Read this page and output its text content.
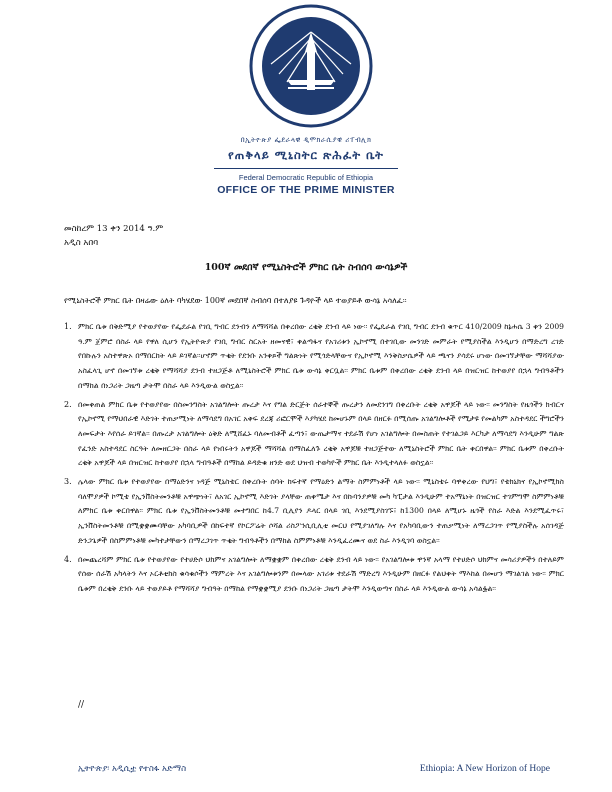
በኢትዮጵያ ፌደራላዊ ዲሞክራሲያዊ ሪፐብሊክ
የጠቅላይ ሚኒስትር ጽሕፈት ቤት
Federal Democratic Republic of Ethiopia
OFFICE OF THE PRIME MINISTER
መስከረም 13 ቀን 2014 ዓ.ም
አዲስ አበባ
100ኛ መደበኛ የሚኒስትሮች ምክር ቤት ስብሰባ ውሳኔዎች
የሚኒስትሮች ምክር ቤት በዛሬው ዕለት ባካሄደው 100ኛ መደበኛ ስብሰባ በተለያዩ ጉዳዮች ላይ ተወያይቶ ውሳኔ አሳለፈ፡፡
1. ምክር ቤቱ በቅድሚያ የተወያየው የፌደራል የገቢ ግብር ደንብን ለማሻሻል በቀረበው ረቂቅ ደንብ ላይ ነው፡፡ የፌዴራል የገቢ ግብር ደንብ ቁጥር 410/2009 ከኔሐሴ 3 ቀን 2009 ዓ.ም ጀምሮ በስራ ላይ የዋለ ሲሆን የኢትዮጵያ የገቢ ግብር ስርአት ዘመናዊ፣ ቀልጣፋና የአገሪቱን ኢኮኖሚ በተገቢው መንገድ መምራት የሚያስችል እንዲሆን በማድረግ ረገድ የበኩሉን አስተዋጽኦ በማበርከት ላይ ይገኛል፡፡ሆኖም ጥቂት የደንቡ አንቀጾች ግልጽነት የሚጎድላቸውና የኢኮኖሚ እንቅስቃሴዎች ላይ ጫናን ያሳደሩ ሆነው በመገኘታቸው ማሻሻያው አስፈላጊ ሆኖ በመገኘቱ ረቂቅ የማሻሻያ ደንብ ተዘጋጅቶ ለሚኒስትሮች ምክር ቤቱ ውሳኔ ቀርቧል፡፡ ምክር ቤቱም በቀረበው ረቂቅ ደንብ ላይ በዝርዝር ከተወያየ በኋላ ግብዓቶችን በማከል በነጋሪት ጋዜጣ ታትሞ በስራ ላይ እንዲውል ወስኗል፡፡
2. በመቀጠል ምክር ቤቱ የተወያየው በስመንግስት አገልግሎት ጡረታ እና የግል ድርጅት ሰራተኞች ጡረታን ለመደንገግ በቀረቡት ረቂቅ አዋጆች ላይ ነው፡፡ መንግስት የዜጎችን ክብርና የኢኮኖሚ የማህበራዊ እድገት ተጠቃሚነት ለማሳደግ በአገር አቀፍ ደረጃ ሪፎርሞች እያካሄደ ከመሆኑም በላይ በዘርፉ በሚሰጡ አገልግሎቶች የሚታዩ የመልካም አስተዳደር ችግሮችን ለመፍታት እየሰራ ይገኛል፡፡ በጡረታ አገልግሎት ዕቅድ ለሚሸፈኑ ባለመብቶች ፈጣን፣ ውጤታማና ተደራሽ የሆነ አገልግሎት በመስጠት የተገልጋይ እርካታ ለማሳደግ እንዲሁም ግልጽ የፈንድ አስተዳደር ስርዓት ለመዘርጋት በስራ ላይ የነበሩትን አዋጆች ማሻሻል በማስፈለጉ ረቂቅ አዋጆቹ ተዘጋጅተው ለሚኒስትሮች ምክር ቤት ቀርበዋል፡፡ ምክር ቤቱም በቀረቡት ረቂቅ አዋጆች ላይ በዝርዝር ከተወያየ በኋላ ግብዓቶች በማከል ይዳድቁ ዘንድ ወደ ህዝብ ተወካዮች ምክር ቤት እንዲተላለፉ ወስኗል፡፡
3. ሌላው ምክር ቤቱ የተወያየው በማዕድንና ነዳጅ ሚኒስቴር በቀረቡት ሰባት ከፍተኛ የማዕድን ልማት ስምምነቶች ላይ ነው፡፡ ሚኒስቴሩ ባዋቀረው የህግ፣ የቴክኒክና የኢኮኖሚክስ ባለሞያዎች ኮሚቴ የኢንቨስትመንቶቹ አዋጭነት፣ ለአገር ኢኮኖሚ እድገት ያላቸው ጠቀሜታ እና በኩባንያዎቹ መካ ካፒታል እንዲሁም ተአማኒነት በዝርዝር ተገምግሞ ስምምነቶቹ ለምክር ቤቱ ቀርበዋል፡፡ ምክር ቤቱ የኢንቨስትመንቶቹ መተግበር ከ4.7 ቢሊየን ዶላር በላይ ገቢ እንደሚያስገኙ፣ ከ1300 በላይ ለሚሆኑ ዜጎች የስራ እድል እንደሚፈጥሩ፣ ኢንቨስትመንቶቹ በሚቋቋሙባቸው አካባቢዎች በከፍተኛ የኮርፖሬት ሶሻል ሪስፖንሲቢሊቲ መርህ የሚያገለግሉ እና የአካባቢውን ተጠቃሚነት ለማረጋገጥ የሚያስችሉ አሰገዳጅ ድንጋጌዎች በስምምነቶቹ መካተታቸውን በማረጋገጥ ጥቂት ግብዓቶችን በማከል ስምምነቶቹ እንዲፈረሙና ወደ ስራ እንዲገባ ወስኗል፡፡
4. በመጨረሻም ምክር ቤቱ የተወያየው የተሀድሶ ህክምና አገልግሎት ለማቋቋም በቀረበው ረቂቅ ደንብ ላይ ነው፡፡ የአገልግሎቱ ዋንኛ አላማ የተሀድሶ ህክምና መሳሪያዎችን በተለይም የሰው ሰራሽ አካላትን እና ኦርቶቲክስ ቁሳቁሶችን ማምረት እና አገልግሎቱንም በመላው አገሪቱ ተደራሽ ማድረግ እንዲሁም በዘርፉ የልህቀት ማእከል በመሆን ማገልገል ነው፡፡ ምክር ቤቱም በረቂቅ ደንቡ ላይ ተወያይቶ የማሻሻያ ግብዓት በማከል የማቋቋሚያ ደንቡ በነጋሪት ጋዜጣ ታትሞ እንዲወጣና በስራ ላይ እንዲውል ውሳኔ አሳልፏል፡፡
//
ኢትዮጵያ፡ አዲሲቷ የተስፋ አድማስ	Ethiopia: A New Horizon of Hope
